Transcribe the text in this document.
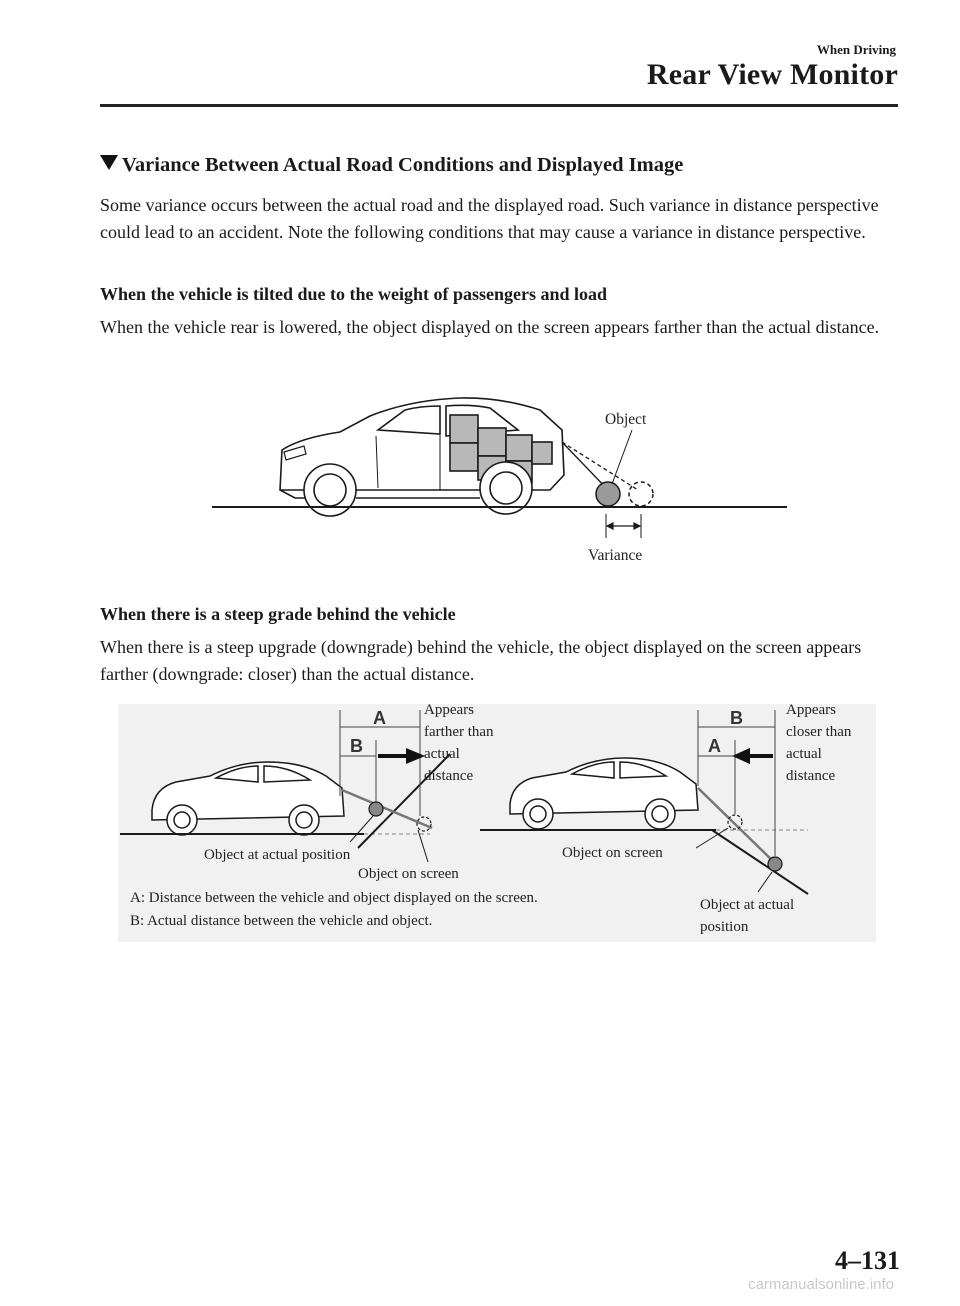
When Driving
Rear View Monitor
Variance Between Actual Road Conditions and Displayed Image
Some variance occurs between the actual road and the displayed road. Such variance in distance perspective could lead to an accident. Note the following conditions that may cause a variance in distance perspective.
When the vehicle is tilted due to the weight of passengers and load
When the vehicle rear is lowered, the object displayed on the screen appears farther than the actual distance.
Object
Variance
When there is a steep grade behind the vehicle
When there is a steep upgrade (downgrade) behind the vehicle, the object displayed on the screen appears farther (downgrade: closer) than the actual distance.
A
B
Appears farther than actual distance
Object at actual position
Object on screen
B
A
Appears closer than actual distance
Object on screen
Object at actual position
A: Distance between the vehicle and object displayed on the screen.
B: Actual distance between the vehicle and object.
4–131
carmanualsonline.info
